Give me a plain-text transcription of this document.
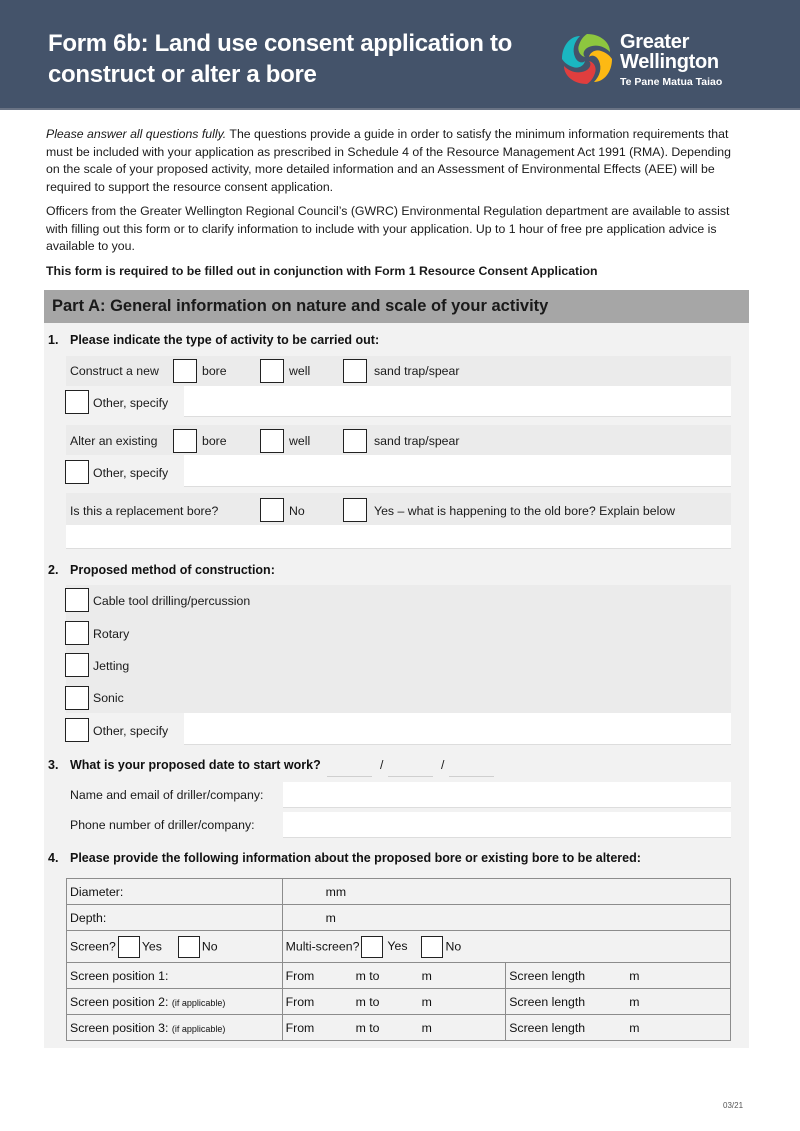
Form 6b: Land use consent application to
construct or alter a bore
Greater
Wellington
Te Pane Matua Taiao
Please answer all questions fully. The questions provide a guide in order to satisfy the minimum information requirements that must be included with your application as prescribed in Schedule 4 of the Resource Management Act 1991 (RMA). Depending on the scale of your proposed activity, more detailed information and an Assessment of Environmental Effects (AEE) will be required to support the resource consent application.
Officers from the Greater Wellington Regional Council’s (GWRC) Environmental Regulation department are available to assist with filling out this form or to clarify information to include with your application. Up to 1 hour of free pre application advice is available to you.
This form is required to be filled out in conjunction with Form 1 Resource Consent Application
Part A: General information on nature and scale of your activity
1. Please indicate the type of activity to be carried out:
Construct a new	bore	well	sand trap/spear
Other, specify
Alter an existing	bore	well	sand trap/spear
Other, specify
Is this a replacement bore?	No	Yes – what is happening to the old bore? Explain below
2. Proposed method of construction:
Cable tool drilling/percussion
Rotary
Jetting
Sonic
Other, specify
3. What is your proposed date to start work?	/	/
Name and email of driller/company:
Phone number of driller/company:
4. Please provide the following information about the proposed bore or existing bore to be altered:
Diameter:	mm	
Depth:	m	
Screen? Yes No	Multi-screen? Yes No	
Screen position 1:	From m to m	Screen length m
Screen position 2: (if applicable)	From m to m	Screen length m
Screen position 3: (if applicable)	From m to m	Screen length m
03/21
